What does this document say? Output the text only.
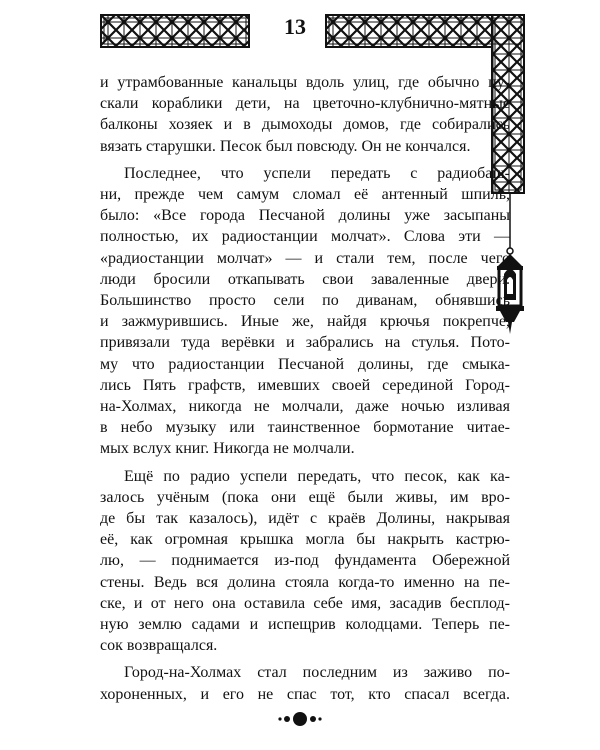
13
и утрамбованные канальцы вдоль улиц, где обычно пу-
скали кораблики дети, на цветочно-клубнично-мятные
балконы хозяек и в дымоходы домов, где собирались
вязать старушки. Песок был повсюду. Он не кончался.
Последнее, что успели передать с радиобаш-
ни, прежде чем самум сломал её антенный шпиль,
было: «Все города Песчаной долины уже засыпаны
полностью, их радиостанции молчат». Слова эти —
«радиостанции молчат» — и стали тем, после чего
люди бросили откапывать свои заваленные двери.
Большинство просто сели по диванам, обнявшись
и зажмурившись. Иные же, найдя крючья покрепче,
привязали туда верёвки и забрались на стулья. Пото-
му что радиостанции Песчаной долины, где смыка-
лись Пять графств, имевших своей серединой Город-
на-Холмах, никогда не молчали, даже ночью изливая
в небо музыку или таинственное бормотание читае-
мых вслух книг. Никогда не молчали.
Ещё по радио успели передать, что песок, как ка-
залось учёным (пока они ещё были живы, им вро-
де бы так казалось), идёт с краёв Долины, накрывая
её, как огромная крышка могла бы накрыть кастрю-
лю, — поднимается из-под фундамента Обережной
стены. Ведь вся долина стояла когда-то именно на пе-
ске, и от него она оставила себе имя, засадив бесплод-
ную землю садами и испещрив колодцами. Теперь пе-
сок возвращался.
Город-на-Холмах стал последним из заживо по-
хороненных, и его не спас тот, кто спасал всегда.
